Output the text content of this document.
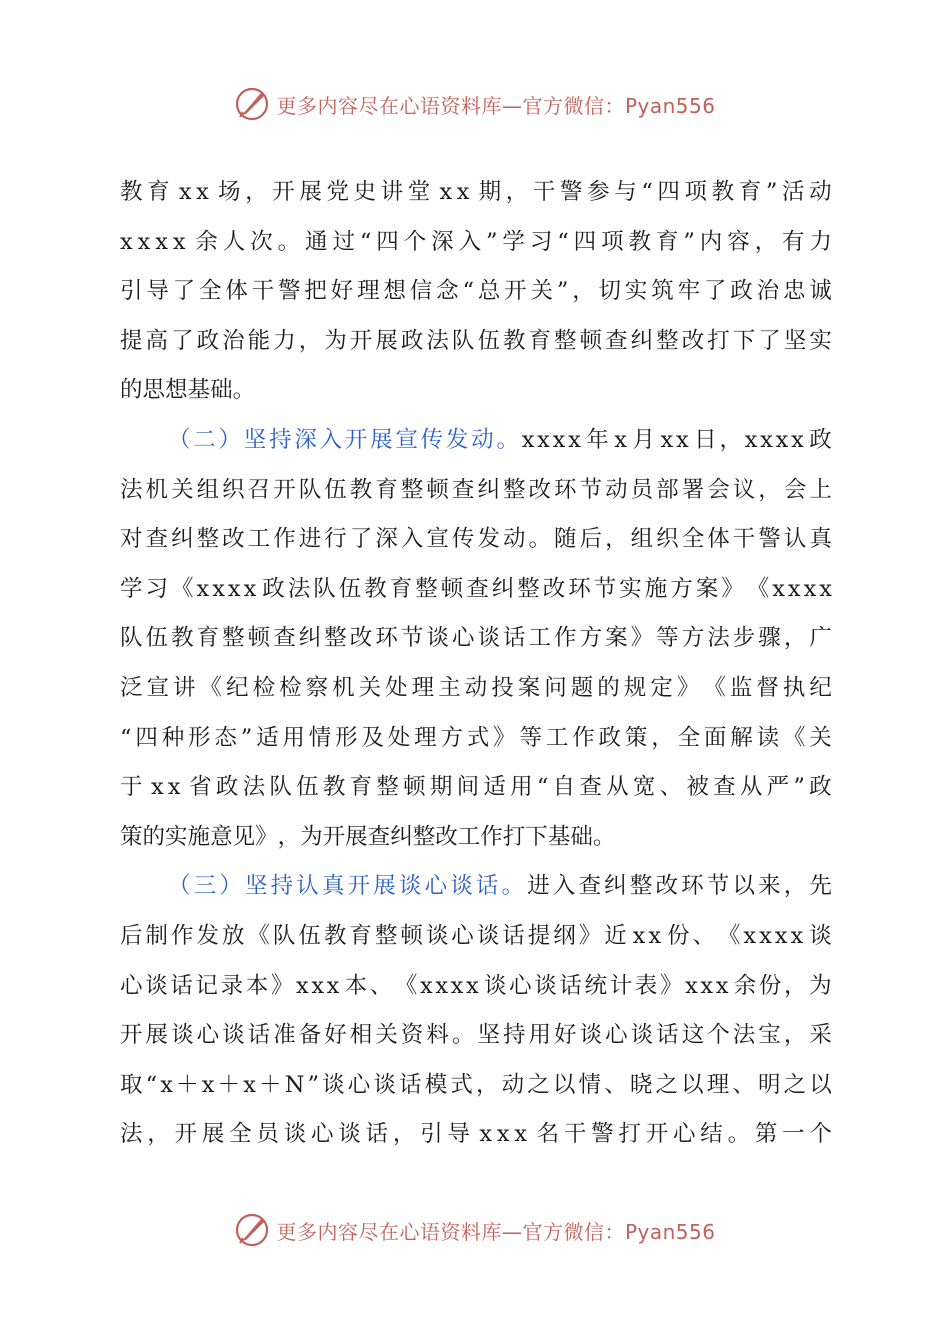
更多内容尽在心语资料库—官方微信：Pyan556
教 育 x x 场 ， 开 展 党 史 讲 堂 x x 期 ， 干 警 参 与 “ 四 项 教 育 ” 活 动
x x x x 余 人 次 。 通 过 “ 四 个 深 入 ” 学 习 “ 四 项 教 育 ” 内 容 ， 有 力
引 导 了 全 体 干 警 把 好 理 想 信 念 “ 总 开 关 ” ， 切 实 筑 牢 了 政 治 忠 诚
提 高 了 政 治 能 力 ， 为 开 展 政 法 队 伍 教 育 整 顿 查 纠 整 改 打 下 了 坚 实
的 思 想 基 础 。
（ 二 ） 坚 持 深 入 开 展 宣 传 发 动 。 x x x x 年 x 月 x x 日 ， x x x x 政
法 机 关 组 织 召 开 队 伍 教 育 整 顿 查 纠 整 改 环 节 动 员 部 署 会 议 ， 会 上
对 查 纠 整 改 工 作 进 行 了 深 入 宣 传 发 动 。 随 后 ， 组 织 全 体 干 警 认 真
学 习 《 x x x x 政 法 队 伍 教 育 整 顿 查 纠 整 改 环 节 实 施 方 案 》 《 x x x x
队 伍 教 育 整 顿 查 纠 整 改 环 节 谈 心 谈 话 工 作 方 案 》 等 方 法 步 骤 ， 广
泛 宣 讲 《 纪 检 检 察 机 关 处 理 主 动 投 案 问 题 的 规 定 》 《 监 督 执 纪
“ 四 种 形 态 ” 适 用 情 形 及 处 理 方 式 》 等 工 作 政 策 ， 全 面 解 读 《 关
于 x x 省 政 法 队 伍 教 育 整 顿 期 间 适 用 “ 自 查 从 宽 、 被 查 从 严 ” 政
策 的 实 施 意 见 》 ， 为 开 展 查 纠 整 改 工 作 打 下 基 础 。
（ 三 ） 坚 持 认 真 开 展 谈 心 谈 话 。 进 入 查 纠 整 改 环 节 以 来 ， 先
后 制 作 发 放 《 队 伍 教 育 整 顿 谈 心 谈 话 提 纲 》 近 x x 份 、 《 x x x x 谈
心 谈 话 记 录 本 》 x x x 本 、 《 x x x x 谈 心 谈 话 统 计 表 》 x x x 余 份 ， 为
开 展 谈 心 谈 话 准 备 好 相 关 资 料 。 坚 持 用 好 谈 心 谈 话 这 个 法 宝 ， 采
取 “ x ＋ x ＋ x ＋ N ” 谈 心 谈 话 模 式 ， 动 之 以 情 、 晓 之 以 理 、 明 之 以
法 ， 开 展 全 员 谈 心 谈 话 ， 引 导 x x x 名 干 警 打 开 心 结 。 第 一 个
更多内容尽在心语资料库—官方微信：Pyan556
